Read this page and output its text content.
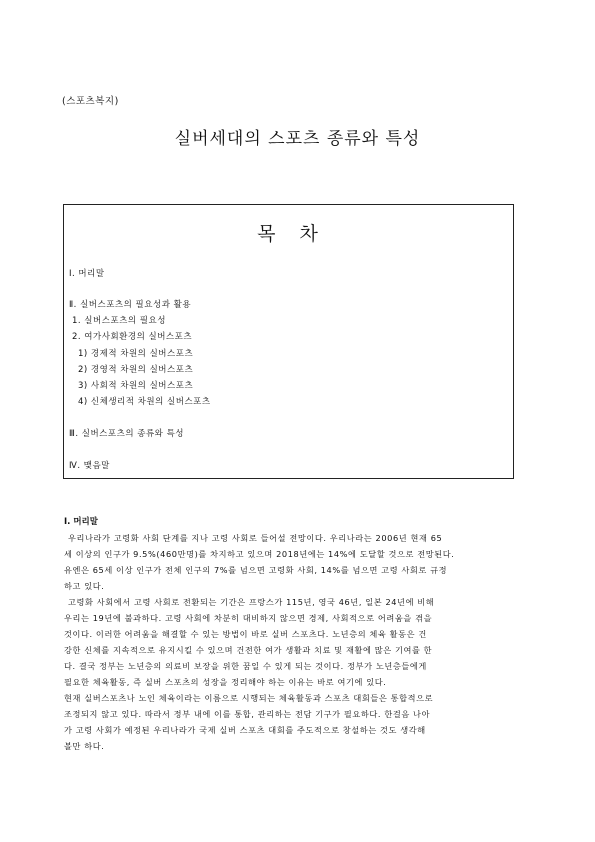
(스포츠복지)
실버세대의 스포츠 종류와 특성
목 차
Ⅰ. 머리말
Ⅱ. 실버스포츠의 필요성과 활용
1. 실버스포츠의 필요성
2. 여가사회환경의 실버스포츠
1) 경제적 차원의 실버스포츠
2) 경영적 차원의 실버스포츠
3) 사회적 차원의 실버스포츠
4) 신체생리적 차원의 실버스포츠
Ⅲ. 실버스포츠의 종류와 특성
Ⅳ. 맺음말
Ⅰ. 머리말
우리나라가 고령화 사회 단계를 지나 고령 사회로 들어설 전망이다. 우리나라는 2006년 현재 65
세 이상의 인구가 9.5%(460만명)를 차지하고 있으며 2018년에는 14%에 도달할 것으로 전망된다.
유엔은 65세 이상 인구가 전체 인구의 7%를 넘으면 고령화 사회, 14%를 넘으면 고령 사회로 규정
하고 있다.
고령화 사회에서 고령 사회로 전환되는 기간은 프랑스가 115년, 영국 46년, 일본 24년에 비해
우리는 19년에 불과하다. 고령 사회에 차분히 대비하지 않으면 경제, 사회적으로 어려움을 겪을
것이다. 이러한 어려움을 해결할 수 있는 방법이 바로 실버 스포츠다. 노년층의 체육 활동은 건
강한 신체를 지속적으로 유지시킬 수 있으며 건전한 여가 생활과 치료 및 재활에 많은 기여를 한
다. 결국 정부는 노년층의 의료비 보장을 위한 꿈일 수 있게 되는 것이다. 정부가 노년층들에게
필요한 체육활동, 즉 실버 스포츠의 성장을 정리해야 하는 이유는 바로 여기에 있다.
현재 실버스포츠나 노인 체육이라는 이름으로 시행되는 체육활동과 스포츠 대회들은 통합적으로
조정되지 않고 있다. 따라서 정부 내에 이를 통합, 관리하는 전담 기구가 필요하다. 한걸음 나아
가 고령 사회가 예정된 우리나라가 국제 실버 스포츠 대회를 주도적으로 창설하는 것도 생각해
볼만 하다.
